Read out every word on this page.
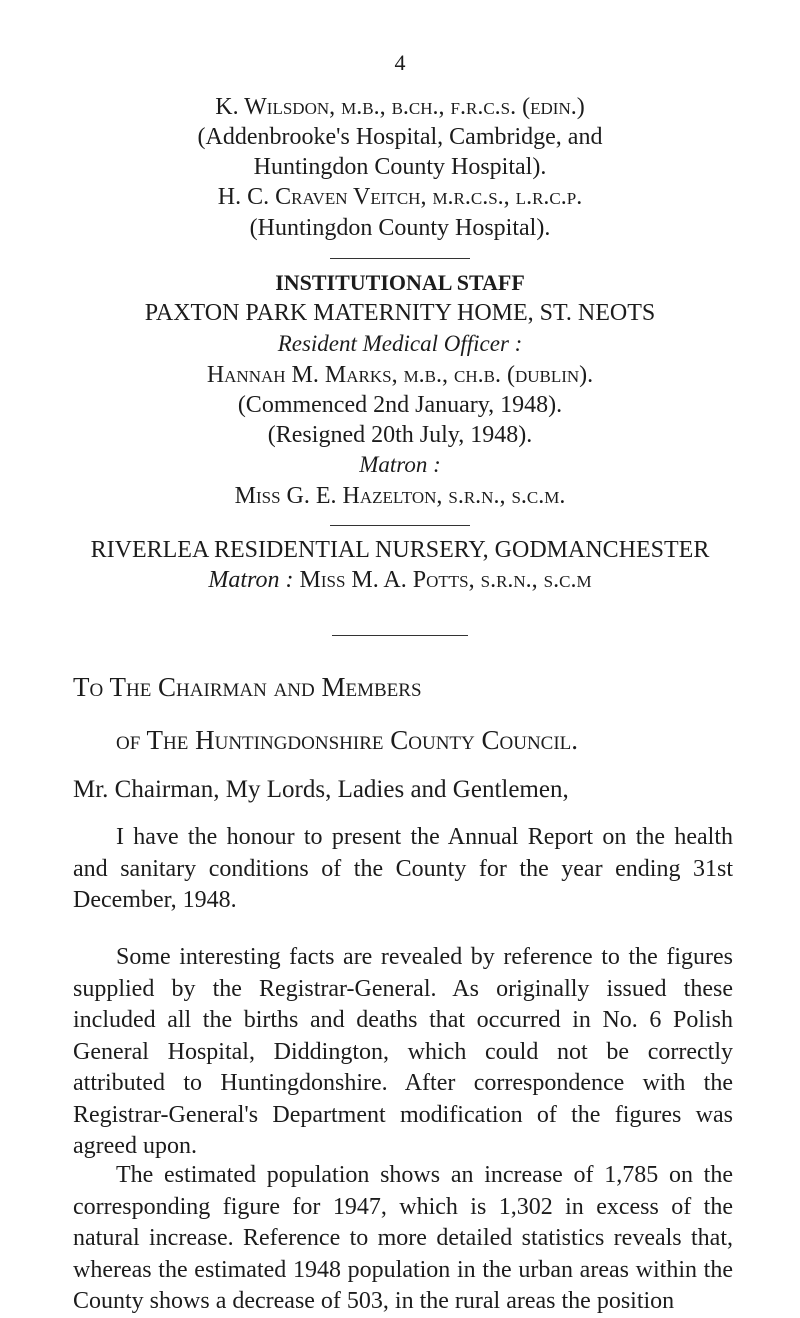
4
K. Wilsdon, m.b., b.ch., f.r.c.s. (edin.)
(Addenbrooke's Hospital, Cambridge, and
Huntingdon County Hospital).
H. C. Craven Veitch, m.r.c.s., l.r.c.p.
(Huntingdon County Hospital).
INSTITUTIONAL STAFF
PAXTON PARK MATERNITY HOME, ST. NEOTS
Resident Medical Officer :
Hannah M. Marks, m.b., ch.b. (dublin).
(Commenced 2nd January, 1948).
(Resigned 20th July, 1948).
Matron :
Miss G. E. Hazelton, s.r.n., s.c.m.
RIVERLEA RESIDENTIAL NURSERY, GODMANCHESTER
Matron : Miss M. A. Potts, s.r.n., s.c.m
To The Chairman and Members
of The Huntingdonshire County Council.
Mr. Chairman, My Lords, Ladies and Gentlemen,
I have the honour to present the Annual Report on the health and sanitary conditions of the County for the year ending 31st December, 1948.
Some interesting facts are revealed by reference to the figures supplied by the Registrar-General. As originally issued these included all the births and deaths that occurred in No. 6 Polish General Hospital, Diddington, which could not be correctly attributed to Huntingdonshire. After correspondence with the Registrar-General's Department modification of the figures was agreed upon.
The estimated population shows an increase of 1,785 on the corresponding figure for 1947, which is 1,302 in excess of the natural increase. Reference to more detailed statistics reveals that, whereas the estimated 1948 population in the urban areas within the County shows a decrease of 503, in the rural areas the position
